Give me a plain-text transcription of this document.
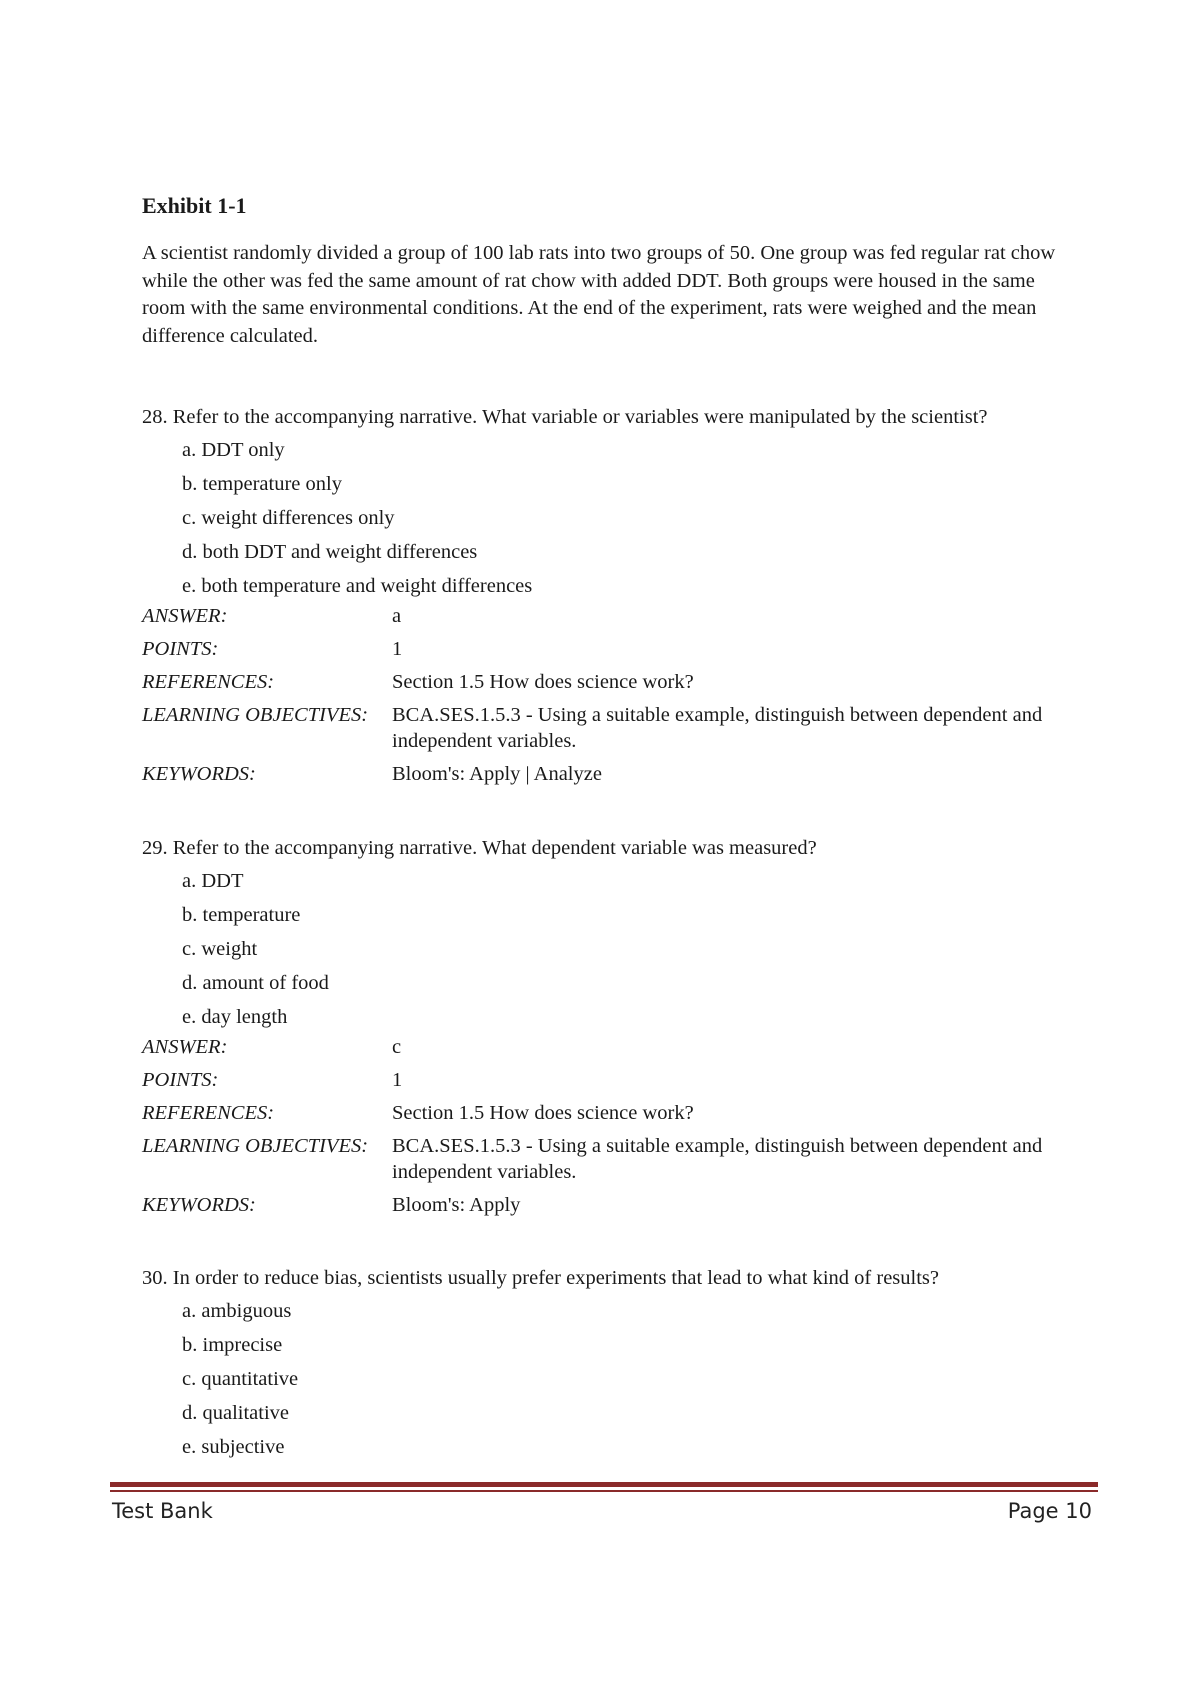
Exhibit 1-1
A scientist randomly divided a group of 100 lab rats into two groups of 50. One group was fed regular rat chow while the other was fed the same amount of rat chow with added DDT. Both groups were housed in the same room with the same environmental conditions. At the end of the experiment, rats were weighed and the mean difference calculated.
28. Refer to the accompanying narrative. What variable or variables were manipulated by the scientist?
a. DDT only
b. temperature only
c. weight differences only
d. both DDT and weight differences
e. both temperature and weight differences
ANSWER:	a
POINTS:	1
REFERENCES:	Section 1.5 How does science work?
LEARNING OBJECTIVES:	BCA.SES.1.5.3 - Using a suitable example, distinguish between dependent and independent variables.
KEYWORDS:	Bloom's: Apply | Analyze
29. Refer to the accompanying narrative. What dependent variable was measured?
a. DDT
b. temperature
c. weight
d. amount of food
e. day length
ANSWER:	c
POINTS:	1
REFERENCES:	Section 1.5 How does science work?
LEARNING OBJECTIVES:	BCA.SES.1.5.3 - Using a suitable example, distinguish between dependent and independent variables.
KEYWORDS:	Bloom's: Apply
30. In order to reduce bias, scientists usually prefer experiments that lead to what kind of results?
a. ambiguous
b. imprecise
c. quantitative
d. qualitative
e. subjective
Test Bank	Page 10
